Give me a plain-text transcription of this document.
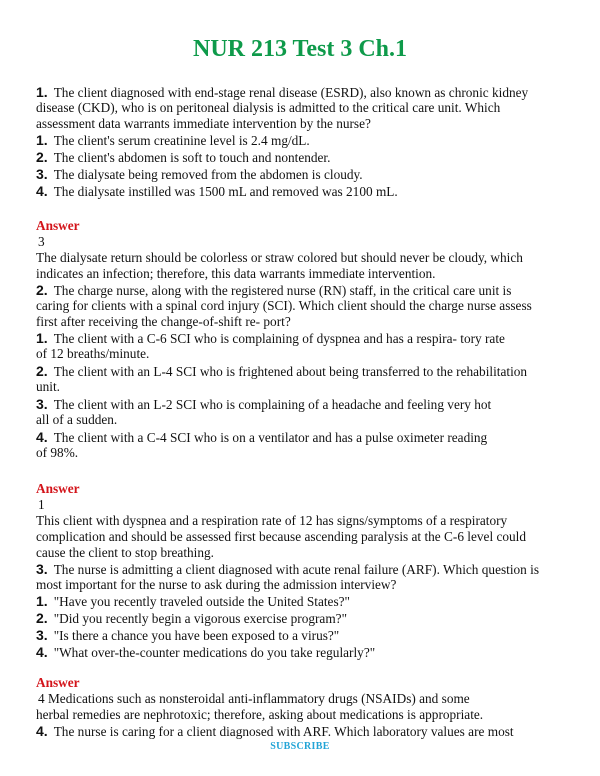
NUR 213 Test 3 Ch.1
1. The client diagnosed with end-stage renal disease (ESRD), also known as chronic kidney
disease (CKD), who is on peritoneal dialysis is admitted to the critical care unit. Which
assessment data warrants immediate intervention by the nurse?
1. The client's serum creatinine level is 2.4 mg/dL.
2. The client's abdomen is soft to touch and nontender.
3. The dialysate being removed from the abdomen is cloudy.
4. The dialysate instilled was 1500 mL and removed was 2100 mL.
Answer
3
The dialysate return should be colorless or straw colored but should never be cloudy, which
indicates an infection; therefore, this data warrants immediate intervention.
2. The charge nurse, along with the registered nurse (RN) staff, in the critical care unit is
caring for clients with a spinal cord injury (SCI). Which client should the charge nurse assess
first after receiving the change-of-shift re- port?
1. The client with a C-6 SCI who is complaining of dyspnea and has a respira- tory rate
of 12 breaths/minute.
2. The client with an L-4 SCI who is frightened about being transferred to the rehabilitation
unit.
3. The client with an L-2 SCI who is complaining of a headache and feeling very hot
all of a sudden.
4. The client with a C-4 SCI who is on a ventilator and has a pulse oximeter reading
of 98%.
Answer
1
This client with dyspnea and a respiration rate of 12 has signs/symptoms of a respiratory
complication and should be assessed first because ascending paralysis at the C-6 level could
cause the client to stop breathing.
3. The nurse is admitting a client diagnosed with acute renal failure (ARF). Which question is
most important for the nurse to ask during the admission interview?
1. "Have you recently traveled outside the United States?"
2. "Did you recently begin a vigorous exercise program?"
3. "Is there a chance you have been exposed to a virus?"
4. "What over-the-counter medications do you take regularly?"
Answer
4 Medications such as nonsteroidal anti-inflammatory drugs (NSAIDs) and some
herbal remedies are nephrotoxic; therefore, asking about medications is appropriate.
4. The nurse is caring for a client diagnosed with ARF. Which laboratory values are most
SUBSCRIBE
